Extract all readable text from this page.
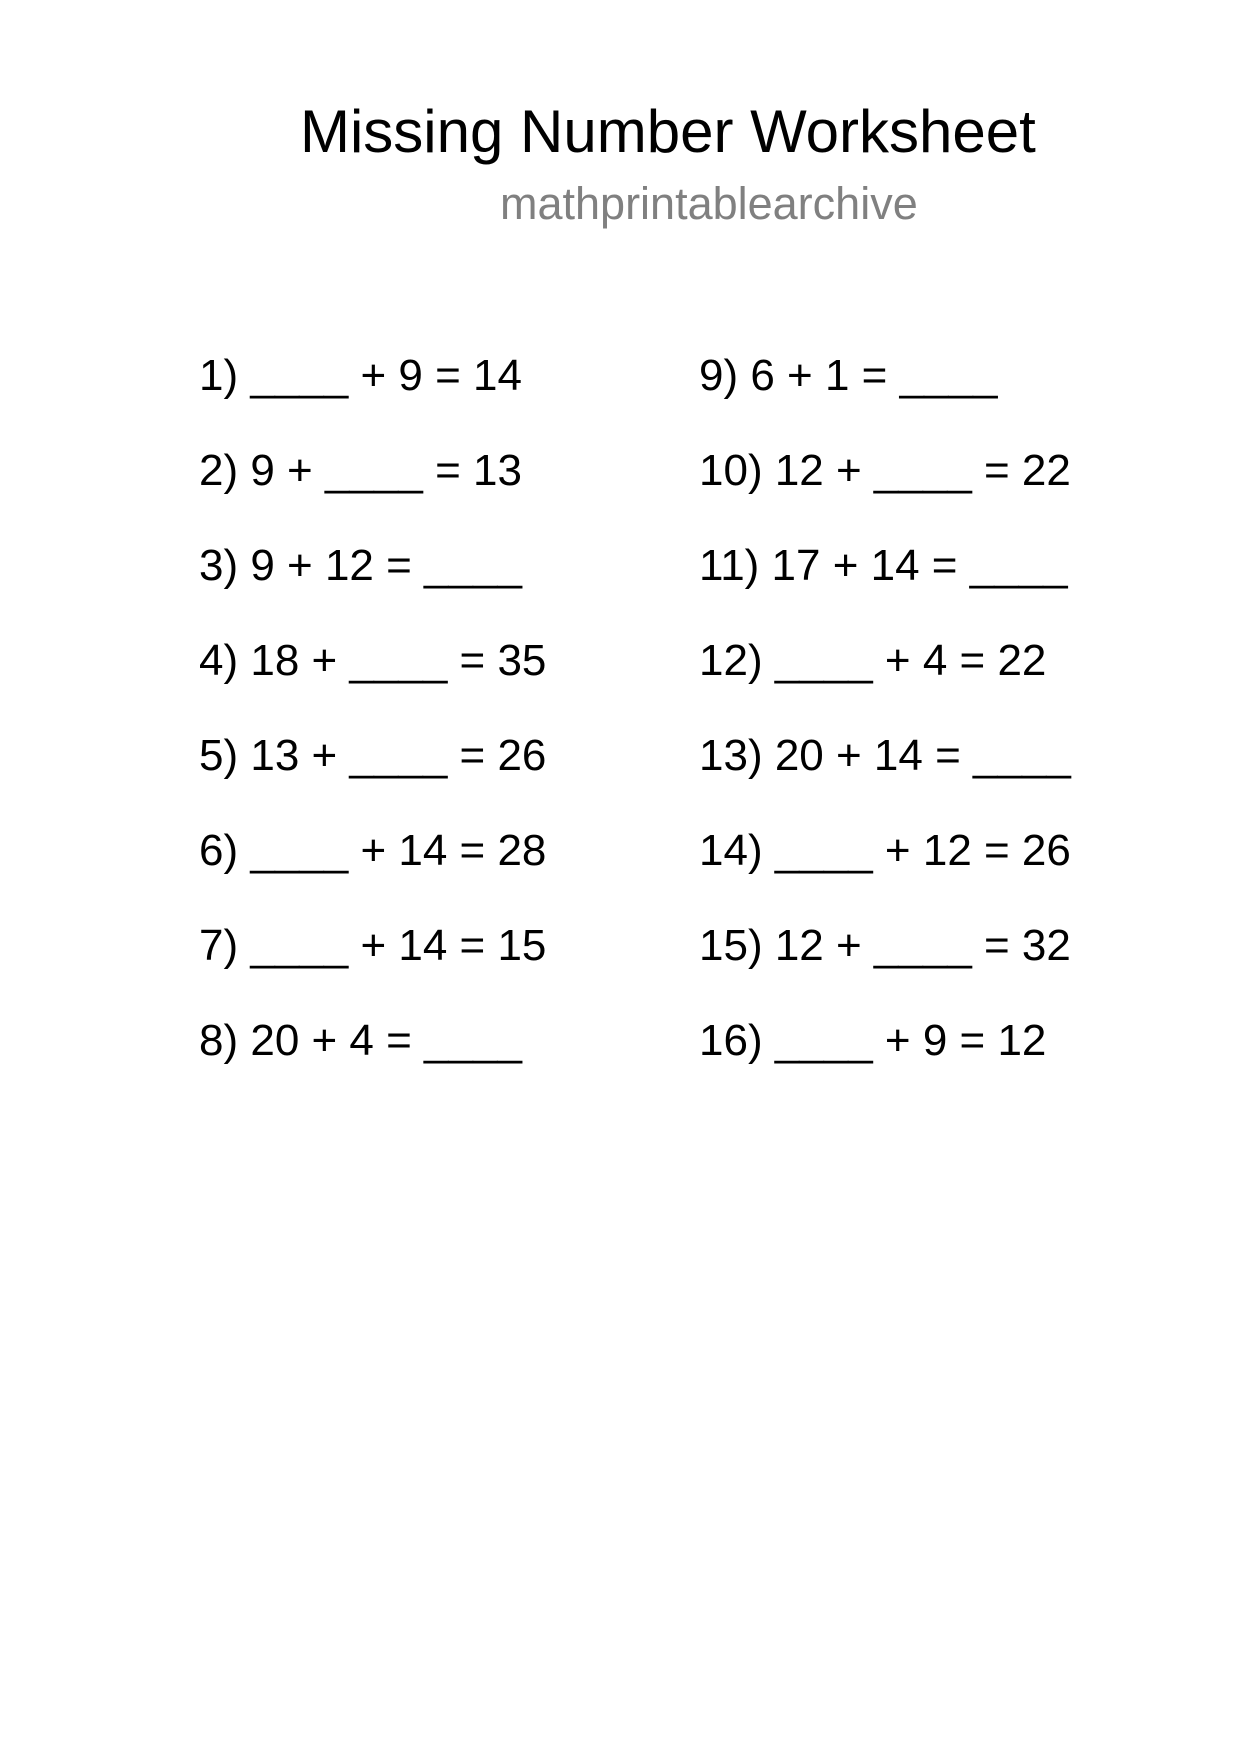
Missing Number Worksheet
mathprintablearchive
1) ____ + 9 = 14
2) 9 + ____ = 13
3) 9 + 12 = ____
4) 18 + ____ = 35
5) 13 + ____ = 26
6) ____ + 14 = 28
7) ____ + 14 = 15
8) 20 + 4 = ____
9) 6 + 1 = ____
10) 12 + ____ = 22
11) 17 + 14 = ____
12) ____ + 4 = 22
13) 20 + 14 = ____
14) ____ + 12 = 26
15) 12 + ____ = 32
16) ____ + 9 = 12
